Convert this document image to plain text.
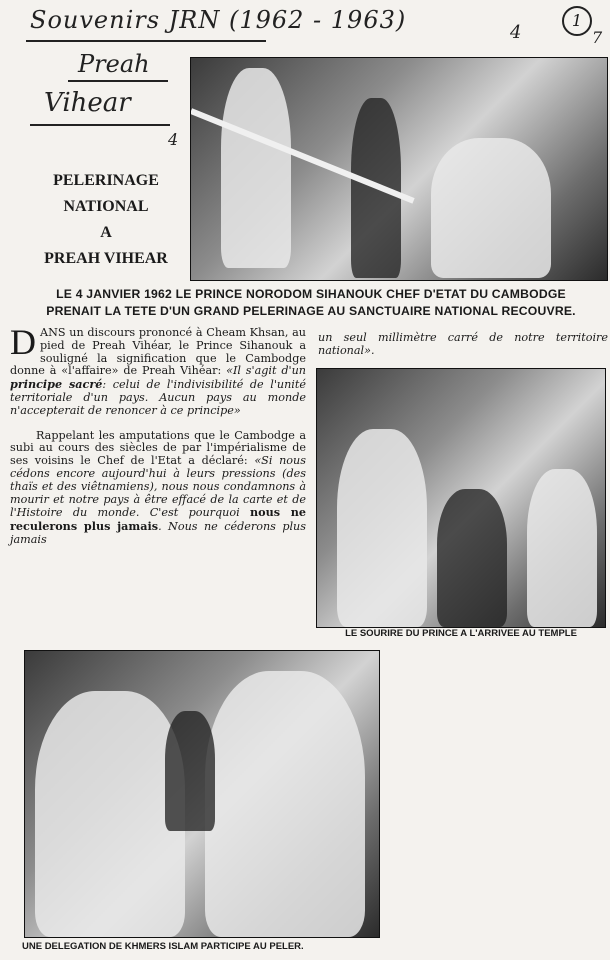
Souvenirs JRN (1962 - 1963)	4
1
7
Preah
Vihear
4
PELERINAGE
NATIONAL
A
PREAH VIHEAR
LE 4 JANVIER 1962 LE PRINCE NORODOM SIHANOUK CHEF D'ETAT DU CAMBODGE
PRENAIT LA TETE D'UN GRAND PELERINAGE AU SANCTUAIRE NATIONAL RECOUVRE.

DANS un discours prononcé à Cheam Khsan, au pied de Preah Vihéar, le Prince Sihanouk a souligné la signification que le Cambodge donne à «l'affaire» de Preah Vihéar: «Il s'agit d'un principe sacré: celui de l'indivisibilité de l'unité territoriale d'un pays. Aucun pays au monde n'accepterait de renoncer à ce principe»

Rappelant les amputations que le Cambodge a subi au cours des siècles de par l'impérialisme de ses voisins le Chef de l'Etat a déclaré: «Si nous cédons encore aujourd'hui à leurs pressions (des thaïs et des viêtnamiens), nous nous condamnons à mourir et notre pays à être effacé de la carte et de l'Histoire du monde. C'est pourquoi nous ne reculerons plus jamais. Nous ne céderons plus jamais

un seul millimètre carré de notre territoire national».
LE SOURIRE DU PRINCE A L'ARRIVEE AU TEMPLE
UNE DELEGATION DE KHMERS ISLAM PARTICIPE AU PELER.
